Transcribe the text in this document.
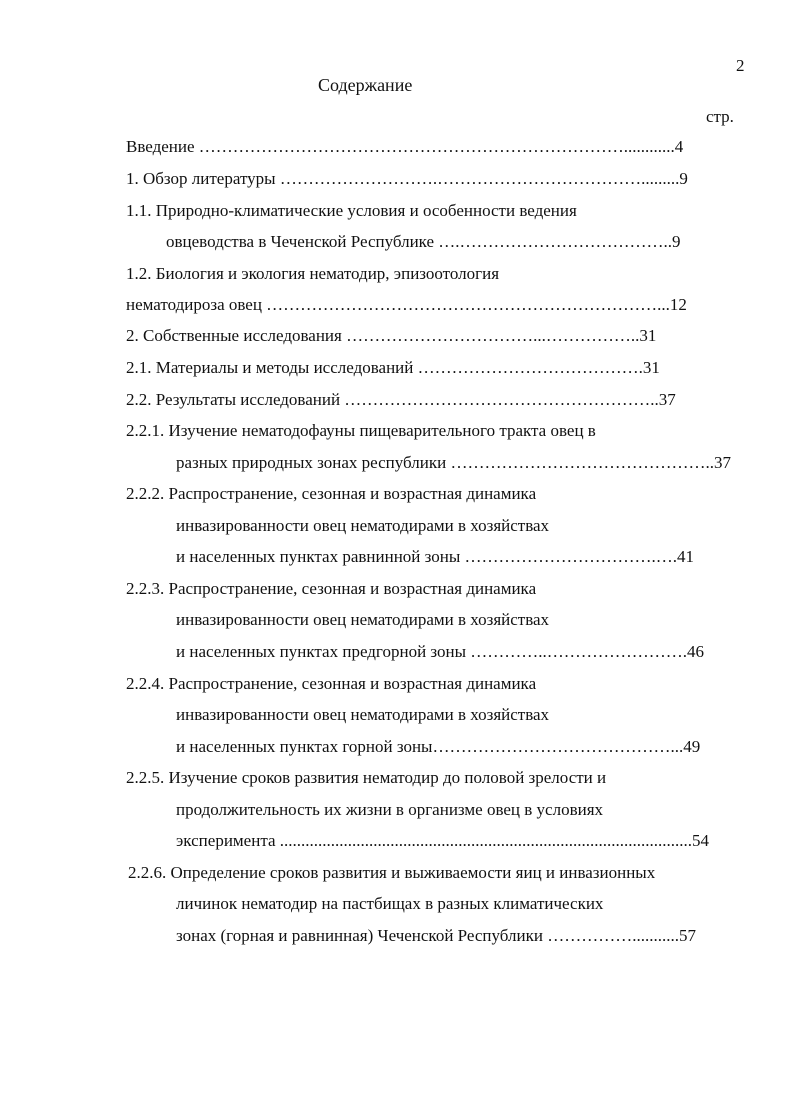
2
Содержание
стр.
Введение …………………………………………………………………............4
1. Обзор литературы ……………………….……………………………….........9
1.1. Природно-климатические условия и особенности ведения
овцеводства в Чеченской Республике ….………………………………..9
1.2. Биология и экология нематодир, эпизоотология
нематодироза овец ……………………………………………………………...12
2. Собственные исследования ……………………………...……………..31
2.1. Материалы и методы исследований ………………………………….31
2.2. Результаты исследований ………………………………………………..37
2.2.1. Изучение нематодофауны пищеварительного тракта овец в
разных природных зонах республики ………………………………………..37
2.2.2. Распространение, сезонная и возрастная динамика
инвазированности овец нематодирами в хозяйствах
и населенных пунктах равнинной зоны …………………………….….41
2.2.3. Распространение, сезонная и возрастная динамика
инвазированности овец нематодирами в хозяйствах
и населенных пунктах предгорной зоны …………..…………………….46
2.2.4. Распространение, сезонная и возрастная динамика
инвазированности овец нематодирами в хозяйствах
и населенных пунктах горной зоны……………………………………...49
2.2.5. Изучение сроков развития нематодир до половой зрелости и
продолжительность их жизни в организме овец в условиях
эксперимента .................................................................................................54
2.2.6. Определение сроков развития и выживаемости яиц и инвазионных
личинок нематодир на пастбищах в разных климатических
зонах (горная и равнинная) Чеченской Республики ……………...........57
